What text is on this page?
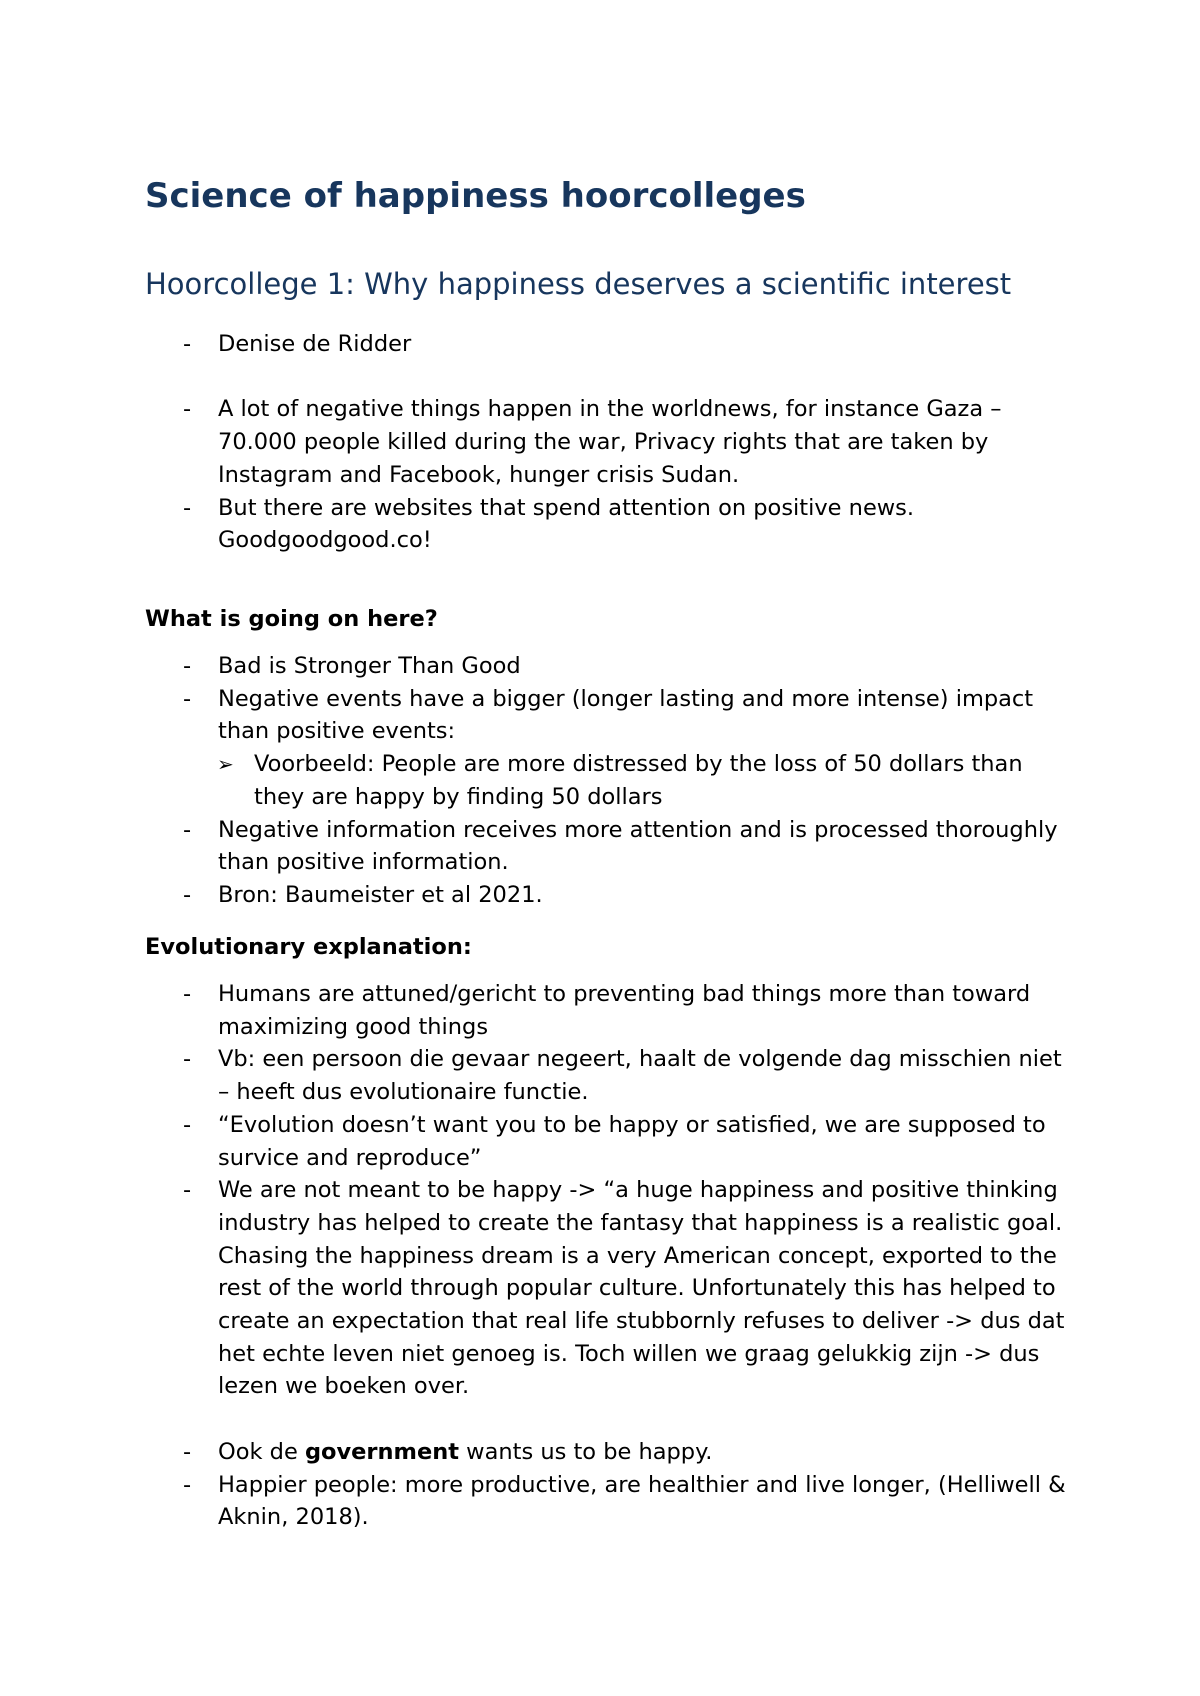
Science of happiness hoorcolleges
Hoorcollege 1: Why happiness deserves a scientific interest
- Denise de Ridder
- A lot of negative things happen in the worldnews, for instance Gaza – 70.000 people killed during the war, Privacy rights that are taken by Instagram and Facebook, hunger crisis Sudan.
- But there are websites that spend attention on positive news. Goodgoodgood.co!

What is going on here?

- Bad is Stronger Than Good
- Negative events have a bigger (longer lasting and more intense) impact than positive events:
➢ Voorbeeld: People are more distressed by the loss of 50 dollars than they are happy by finding 50 dollars
- Negative information receives more attention and is processed thoroughly than positive information.
- Bron: Baumeister et al 2021.

Evolutionary explanation:

- Humans are attuned/gericht to preventing bad things more than toward maximizing good things
- Vb: een persoon die gevaar negeert, haalt de volgende dag misschien niet – heeft dus evolutionaire functie.
- “Evolution doesn’t want you to be happy or satisfied, we are supposed to survice and reproduce”
- We are not meant to be happy -> “a huge happiness and positive thinking industry has helped to create the fantasy that happiness is a realistic goal. Chasing the happiness dream is a very American concept, exported to the rest of the world through popular culture. Unfortunately this has helped to create an expectation that real life stubbornly refuses to deliver -> dus dat het echte leven niet genoeg is. Toch willen we graag gelukkig zijn -> dus lezen we boeken over.
- Ook de government wants us to be happy.
- Happier people: more productive, are healthier and live longer, (Helliwell & Aknin, 2018).
